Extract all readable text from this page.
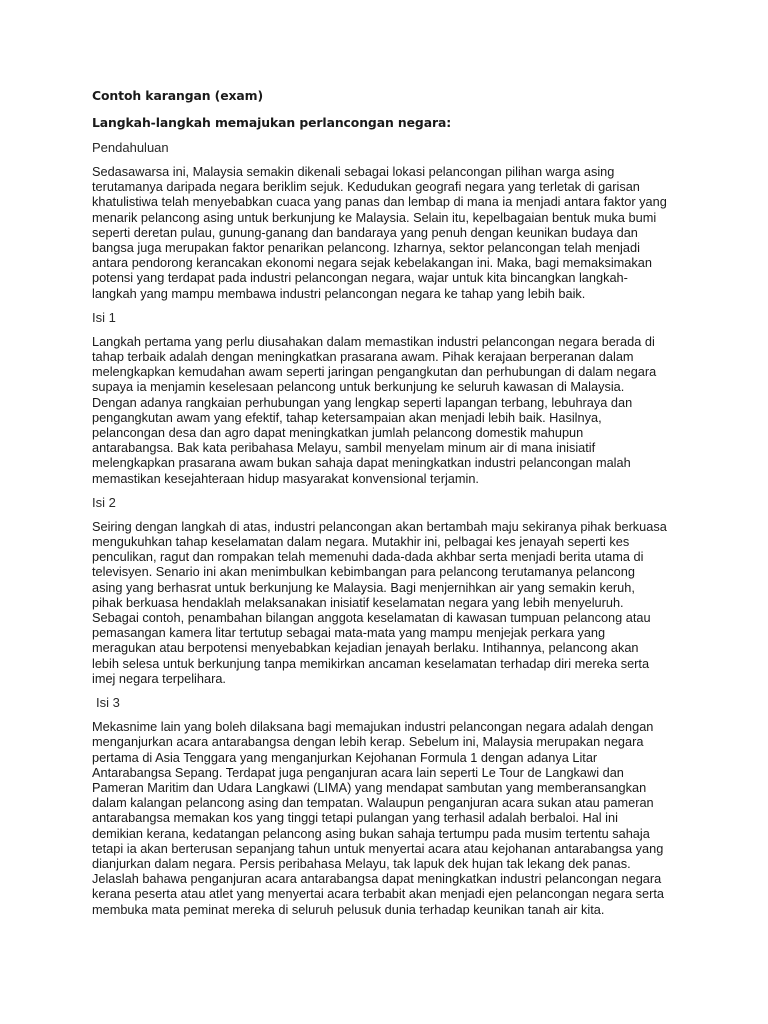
Contoh karangan (exam)

Langkah-langkah memajukan perlancongan negara:

Pendahuluan

Sedasawarsa ini, Malaysia semakin dikenali sebagai lokasi pelancongan pilihan warga asing
terutamanya daripada negara beriklim sejuk. Kedudukan geografi negara yang terletak di garisan
khatulistiwa telah menyebabkan cuaca yang panas dan lembap di mana ia menjadi antara faktor yang
menarik pelancong asing untuk berkunjung ke Malaysia. Selain itu, kepelbagaian bentuk muka bumi
seperti deretan pulau, gunung-ganang dan bandaraya yang penuh dengan keunikan budaya dan
bangsa juga merupakan faktor penarikan pelancong. Izharnya, sektor pelancongan telah menjadi
antara pendorong kerancakan ekonomi negara sejak kebelakangan ini. Maka, bagi memaksimakan
potensi yang terdapat pada industri pelancongan negara, wajar untuk kita bincangkan langkah-
langkah yang mampu membawa industri pelancongan negara ke tahap yang lebih baik.

Isi 1

Langkah pertama yang perlu diusahakan dalam memastikan industri pelancongan negara berada di
tahap terbaik adalah dengan meningkatkan prasarana awam. Pihak kerajaan berperanan dalam
melengkapkan kemudahan awam seperti jaringan pengangkutan dan perhubungan di dalam negara
supaya ia menjamin keselesaan pelancong untuk berkunjung ke seluruh kawasan di Malaysia.
Dengan adanya rangkaian perhubungan yang lengkap seperti lapangan terbang, lebuhraya dan
pengangkutan awam yang efektif, tahap ketersampaian akan menjadi lebih baik. Hasilnya,
pelancongan desa dan agro dapat meningkatkan jumlah pelancong domestik mahupun
antarabangsa. Bak kata peribahasa Melayu, sambil menyelam minum air di mana inisiatif
melengkapkan prasarana awam bukan sahaja dapat meningkatkan industri pelancongan malah
memastikan kesejahteraan hidup masyarakat konvensional terjamin.

Isi 2

Seiring dengan langkah di atas, industri pelancongan akan bertambah maju sekiranya pihak berkuasa
mengukuhkan tahap keselamatan dalam negara. Mutakhir ini, pelbagai kes jenayah seperti kes
penculikan, ragut dan rompakan telah memenuhi dada-dada akhbar serta menjadi berita utama di
televisyen. Senario ini akan menimbulkan kebimbangan para pelancong terutamanya pelancong
asing yang berhasrat untuk berkunjung ke Malaysia. Bagi menjernihkan air yang semakin keruh,
pihak berkuasa hendaklah melaksanakan inisiatif keselamatan negara yang lebih menyeluruh.
Sebagai contoh, penambahan bilangan anggota keselamatan di kawasan tumpuan pelancong atau
pemasangan kamera litar tertutup sebagai mata-mata yang mampu menjejak perkara yang
meragukan atau berpotensi menyebabkan kejadian jenayah berlaku. Intihannya, pelancong akan
lebih selesa untuk berkunjung tanpa memikirkan ancaman keselamatan terhadap diri mereka serta
imej negara terpelihara.

Isi 3

Mekasnime lain yang boleh dilaksana bagi memajukan industri pelancongan negara adalah dengan
menganjurkan acara antarabangsa dengan lebih kerap. Sebelum ini, Malaysia merupakan negara
pertama di Asia Tenggara yang menganjurkan Kejohanan Formula 1 dengan adanya Litar
Antarabangsa Sepang. Terdapat juga penganjuran acara lain seperti Le Tour de Langkawi dan
Pameran Maritim dan Udara Langkawi (LIMA) yang mendapat sambutan yang memberansangkan
dalam kalangan pelancong asing dan tempatan. Walaupun penganjuran acara sukan atau pameran
antarabangsa memakan kos yang tinggi tetapi pulangan yang terhasil adalah berbaloi. Hal ini
demikian kerana, kedatangan pelancong asing bukan sahaja tertumpu pada musim tertentu sahaja
tetapi ia akan berterusan sepanjang tahun untuk menyertai acara atau kejohanan antarabangsa yang
dianjurkan dalam negara. Persis peribahasa Melayu, tak lapuk dek hujan tak lekang dek panas.
Jelaslah bahawa penganjuran acara antarabangsa dapat meningkatkan industri pelancongan negara
kerana peserta atau atlet yang menyertai acara terbabit akan menjadi ejen pelancongan negara serta
membuka mata peminat mereka di seluruh pelusuk dunia terhadap keunikan tanah air kita.
